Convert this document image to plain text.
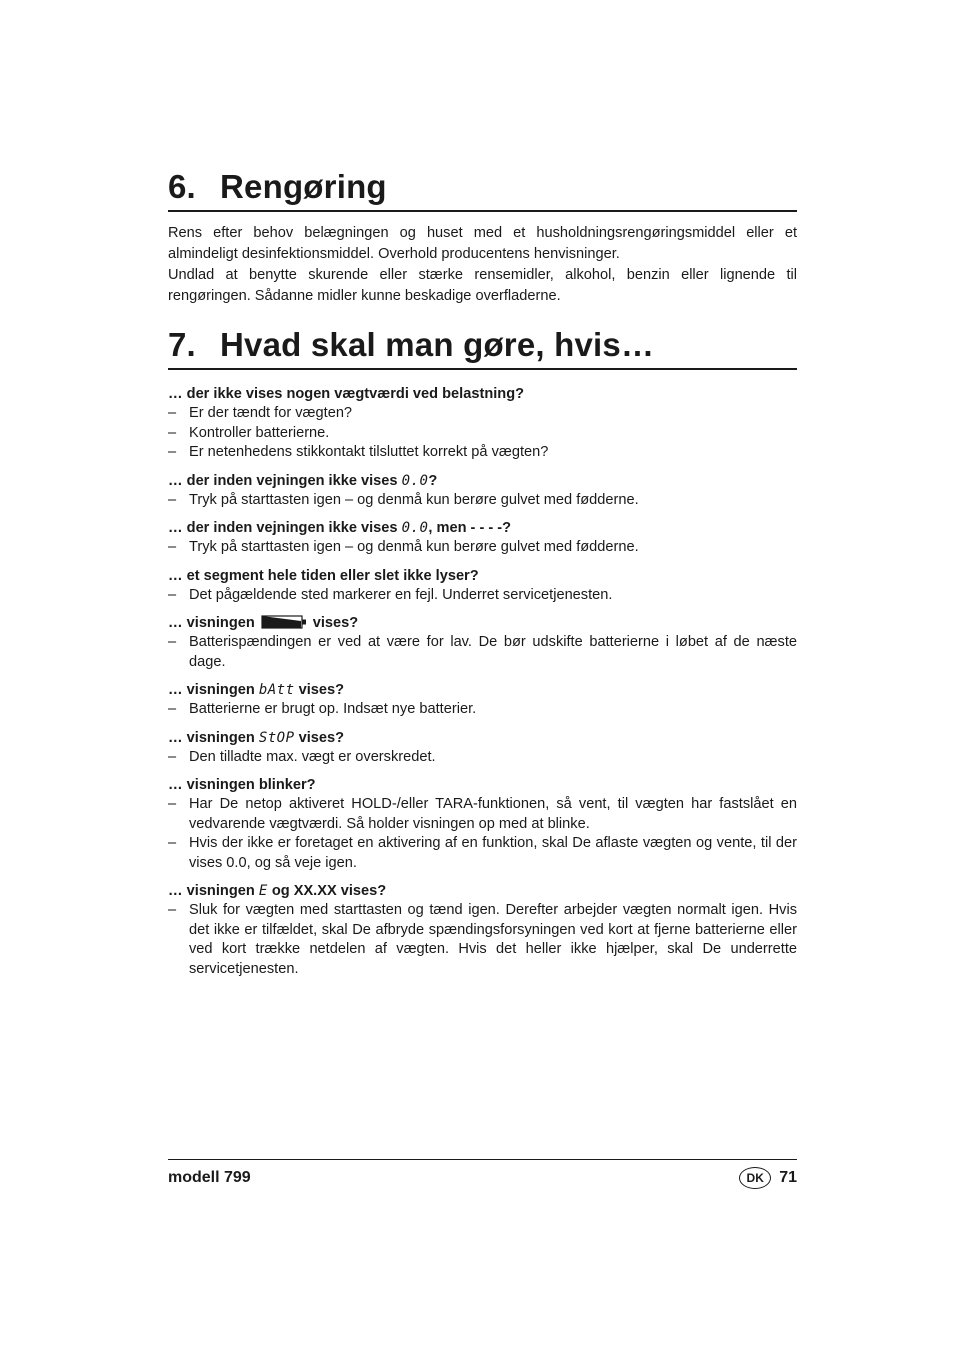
6. Rengøring

Rens efter behov belægningen og huset med et husholdningsrengøringsmiddel eller et almindeligt desinfektionsmiddel. Overhold producentens henvisninger.

Undlad at benytte skurende eller stærke rensemidler, alkohol, benzin eller lignende til rengøringen. Sådanne midler kunne beskadige overfladerne.

7. Hvad skal man gøre, hvis…

… der ikke vises nogen vægtværdi ved belastning?

– Er der tændt for vægten?
– Kontroller batterierne.
– Er netenhedens stikkontakt tilsluttet korrekt på vægten?

… der inden vejningen ikke vises 0.0?

– Tryk på starttasten igen – og denmå kun berøre gulvet med fødderne.

… der inden vejningen ikke vises 0.0, men - - - -?

– Tryk på starttasten igen – og denmå kun berøre gulvet med fødderne.

… et segment hele tiden eller slet ikke lyser?

– Det pågældende sted markerer en fejl. Underret servicetjenesten.

… visningen	vises?

– Batterispændingen er ved at være for lav. De bør udskifte batterierne i løbet af de næste dage.

… visningen bAtt vises?

– Batterierne er brugt op. Indsæt nye batterier.

… visningen StOP vises?

– Den tilladte max. vægt er overskredet.

… visningen blinker?

– Har De netop aktiveret HOLD-/eller TARA-funktionen, så vent, til vægten har fastslået en vedvarende vægtværdi. Så holder visningen op med at blinke.
– Hvis der ikke er foretaget en aktivering af en funktion, skal De aflaste vægten og vente, til der vises 0.0, og så veje igen.

… visningen E og XX.XX vises?

– Sluk for vægten med starttasten og tænd igen. Derefter arbejder vægten normalt igen. Hvis det ikke er tilfældet, skal De afbryde spændingsforsyningen ved kort at fjerne batterierne eller ved kort trække netdelen af vægten. Hvis det heller ikke hjælper, skal De underrette servicetjenesten.
modell 799	DK 71
